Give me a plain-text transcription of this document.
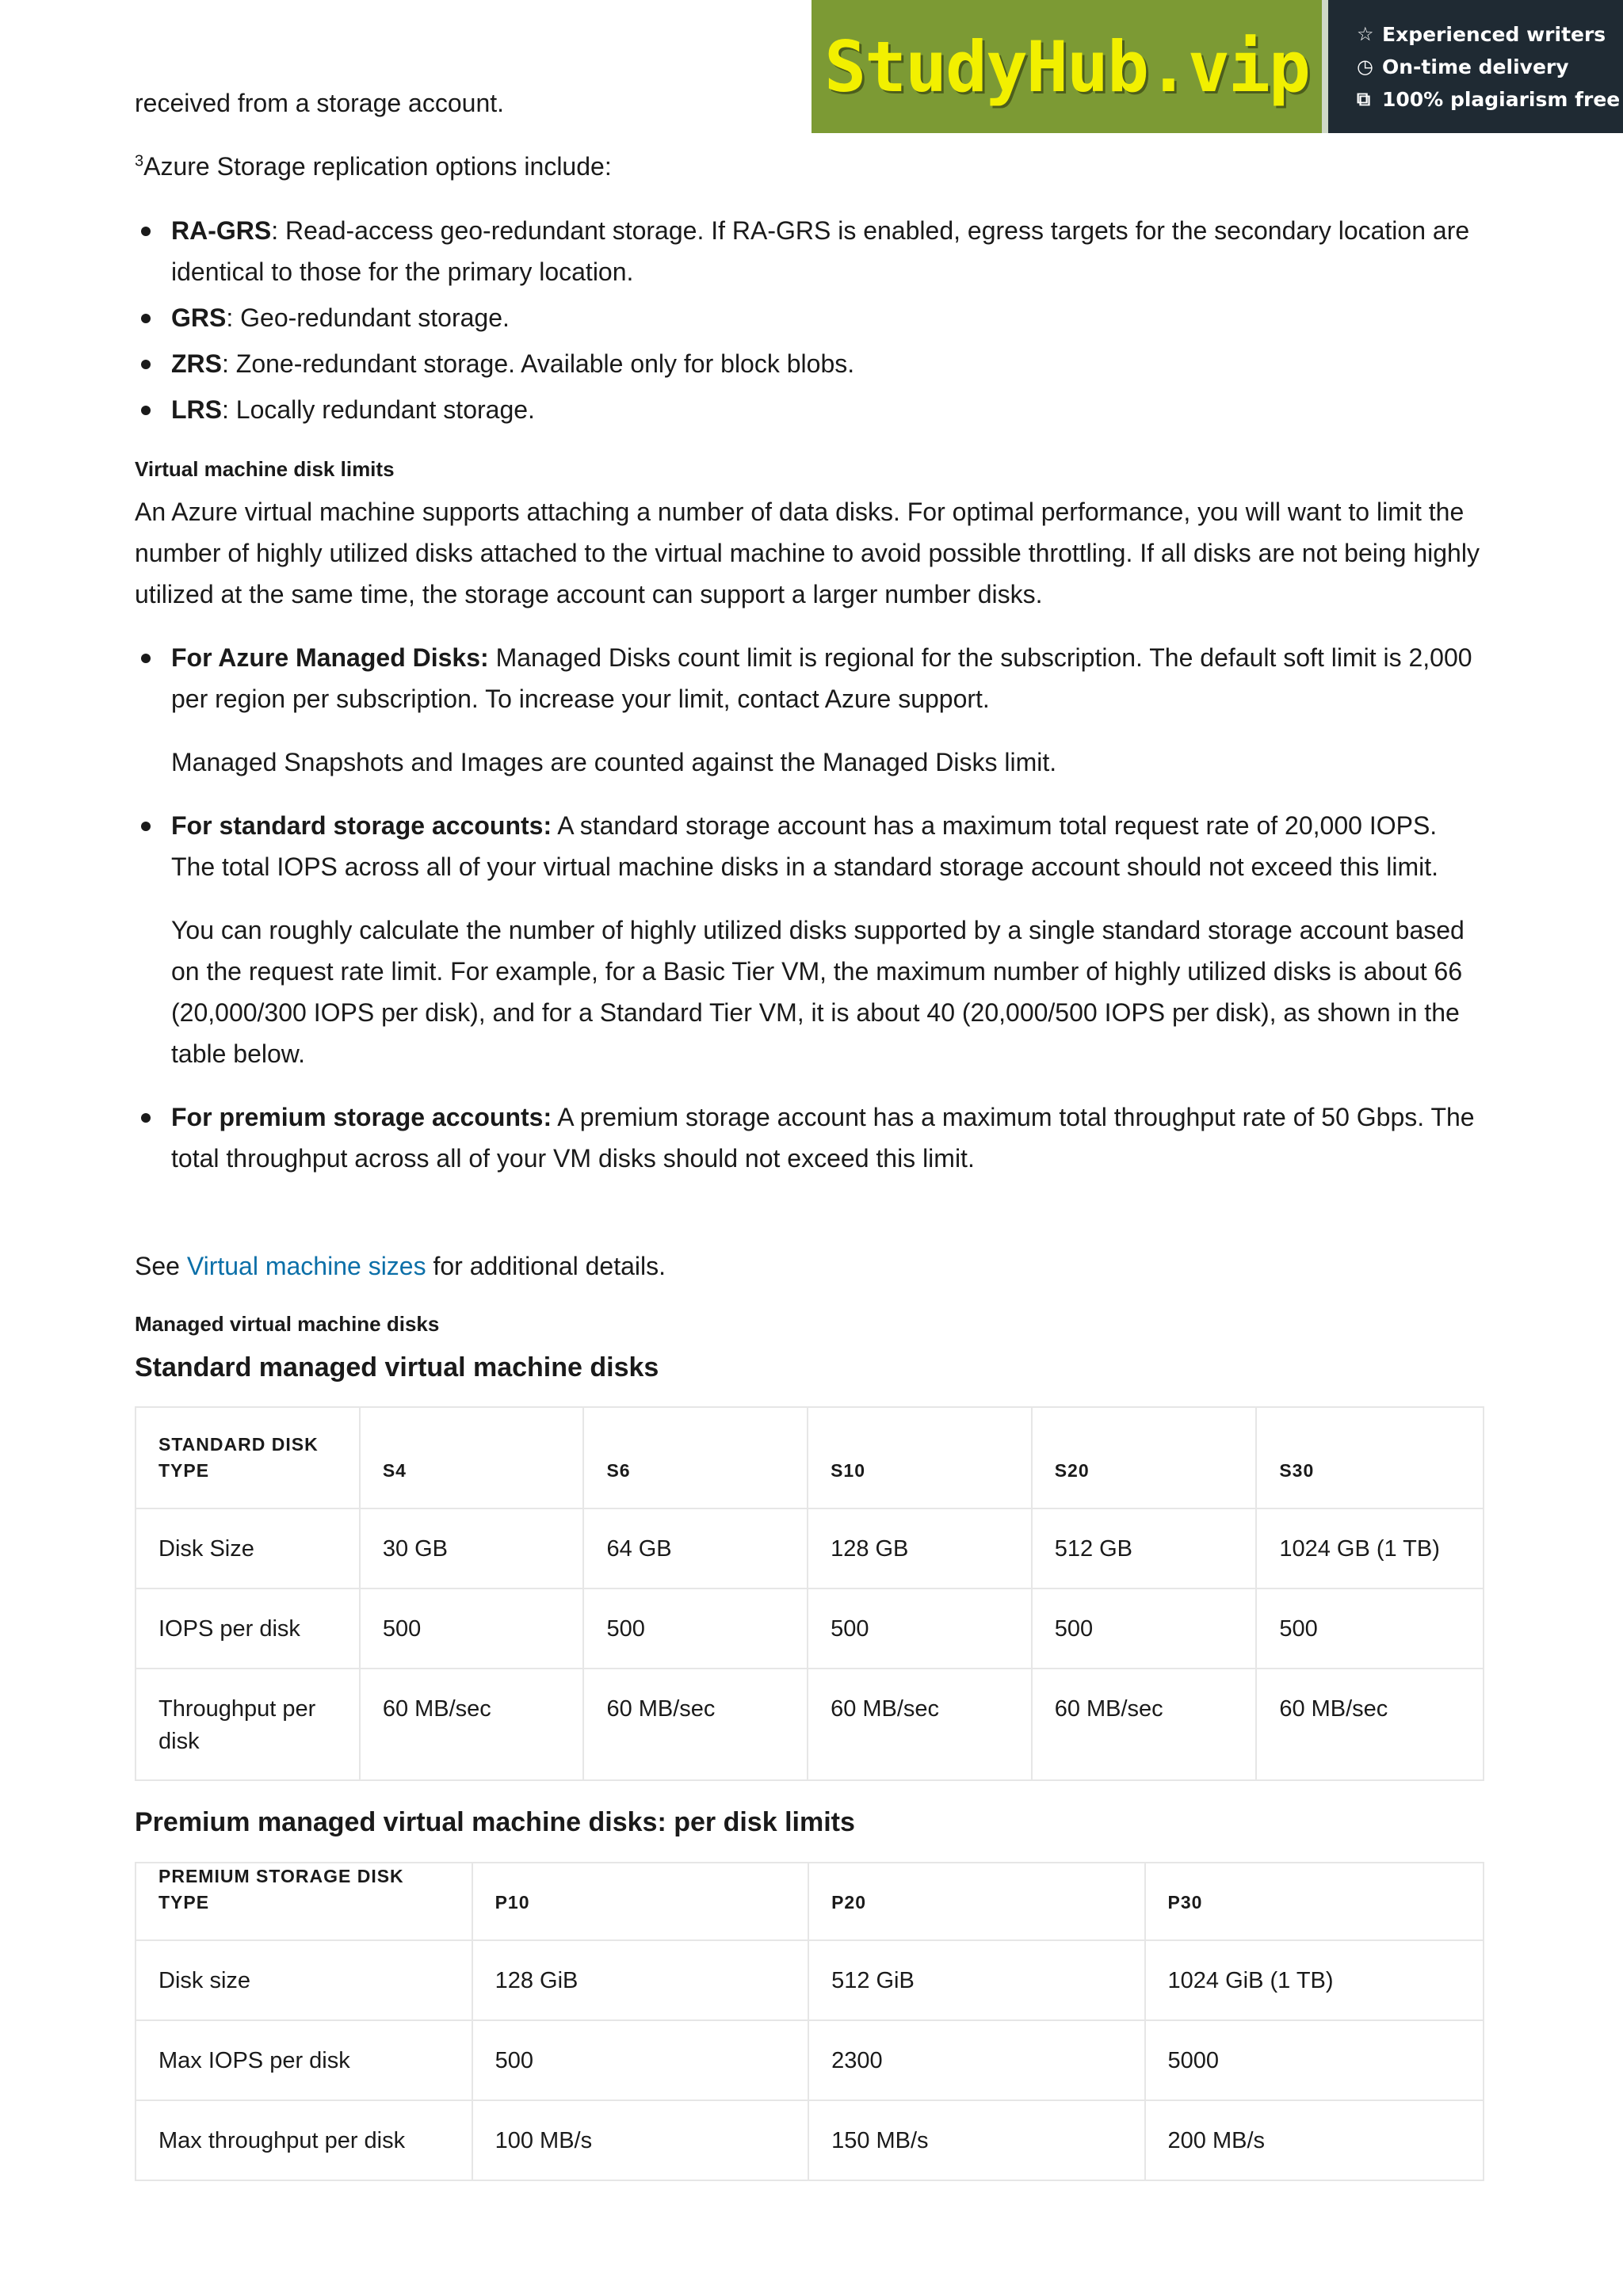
StudyHub.vip	☆ Experienced writers
◷ On-time delivery
⧉ 100% plagiarism free

received from a storage account.

$^3$Azure Storage replication options include:

RA-GRS: Read-access geo-redundant storage. If RA-GRS is enabled, egress targets for the secondary location are identical to those for the primary location.
GRS: Geo-redundant storage.
ZRS: Zone-redundant storage. Available only for block blobs.
LRS: Locally redundant storage.
Virtual machine disk limits

An Azure virtual machine supports attaching a number of data disks. For optimal performance, you will want to limit the number of highly utilized disks attached to the virtual machine to avoid possible throttling. If all disks are not being highly utilized at the same time, the storage account can support a larger number disks.

For Azure Managed Disks: Managed Disks count limit is regional for the subscription. The default soft limit is 2,000 per region per subscription. To increase your limit, contact Azure support.

Managed Snapshots and Images are counted against the Managed Disks limit.

For standard storage accounts: A standard storage account has a maximum total request rate of 20,000 IOPS. The total IOPS across all of your virtual machine disks in a standard storage account should not exceed this limit.

You can roughly calculate the number of highly utilized disks supported by a single standard storage account based on the request rate limit. For example, for a Basic Tier VM, the maximum number of highly utilized disks is about 66 (20,000/300 IOPS per disk), and for a Standard Tier VM, it is about 40 (20,000/500 IOPS per disk), as shown in the table below.

For premium storage accounts: A premium storage account has a maximum total throughput rate of 50 Gbps. The total throughput across all of your VM disks should not exceed this limit.

See Virtual machine sizes for additional details.

Managed virtual machine disks
Standard managed virtual machine disks
STANDARD DISK TYPE	S4	S6	S10	S20	S30
Disk Size	30 GB	64 GB	128 GB	512 GB	1024 GB (1 TB)
IOPS per disk	500	500	500	500	500
Throughput per disk	60 MB/sec	60 MB/sec	60 MB/sec	60 MB/sec	60 MB/sec
Premium managed virtual machine disks: per disk limits
PREMIUM STORAGE DISK TYPE	P10	P20	P30
Disk size	128 GiB	512 GiB	1024 GiB (1 TB)
Max IOPS per disk	500	2300	5000
Max throughput per disk	100 MB/s	150 MB/s	200 MB/s
